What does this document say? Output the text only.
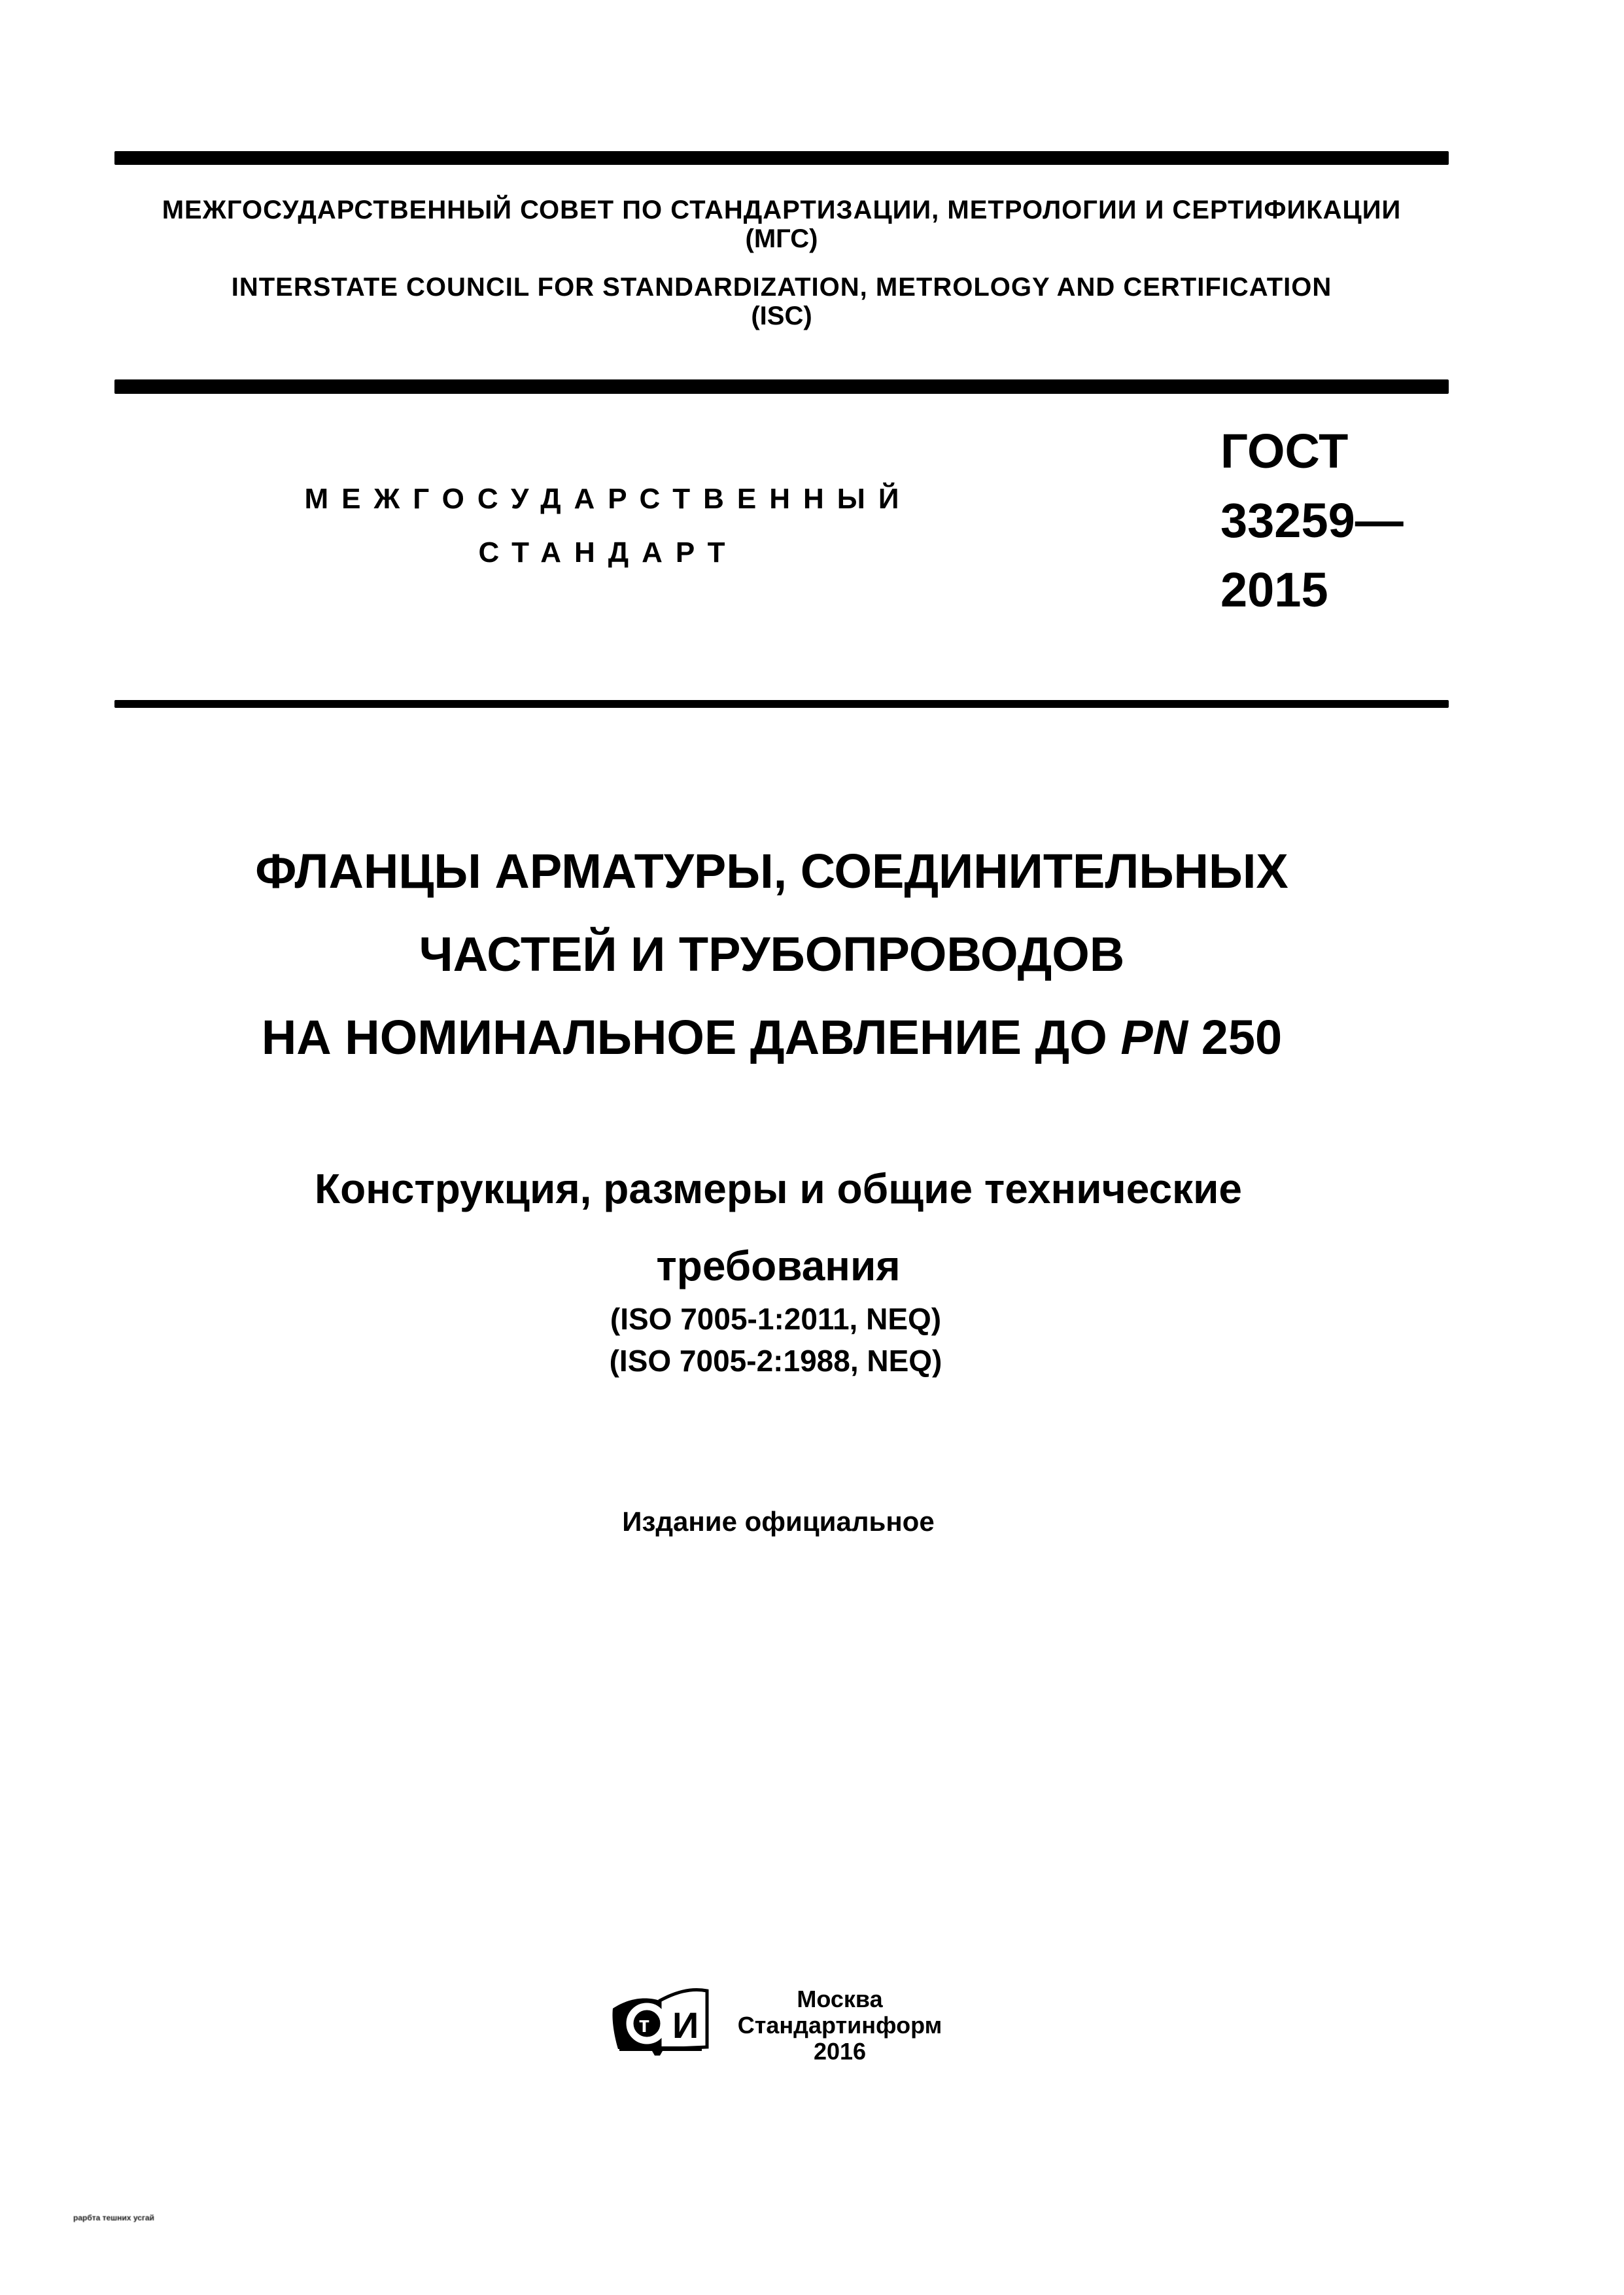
МЕЖГОСУДАРСТВЕННЫЙ СОВЕТ ПО СТАНДАРТИЗАЦИИ, МЕТРОЛОГИИ И СЕРТИФИКАЦИИ
(МГС)
INTERSTATE COUNCIL FOR STANDARDIZATION, METROLOGY AND CERTIFICATION
(ISC)
МЕЖГОСУДАРСТВЕННЫЙ
СТАНДАРТ
ГОСТ
33259—
2015
ФЛАНЦЫ АРМАТУРЫ, СОЕДИНИТЕЛЬНЫХ
ЧАСТЕЙ И ТРУБОПРОВОДОВ
НА НОМИНАЛЬНОЕ ДАВЛЕНИЕ ДО PN 250
Конструкция, размеры и общие технические
требования
(ISO 7005-1:2011, NEQ)
(ISO 7005-2:1988, NEQ)
Издание официальное
т И
Москва
Стандартинформ
2016
рарбта тешних усгай
